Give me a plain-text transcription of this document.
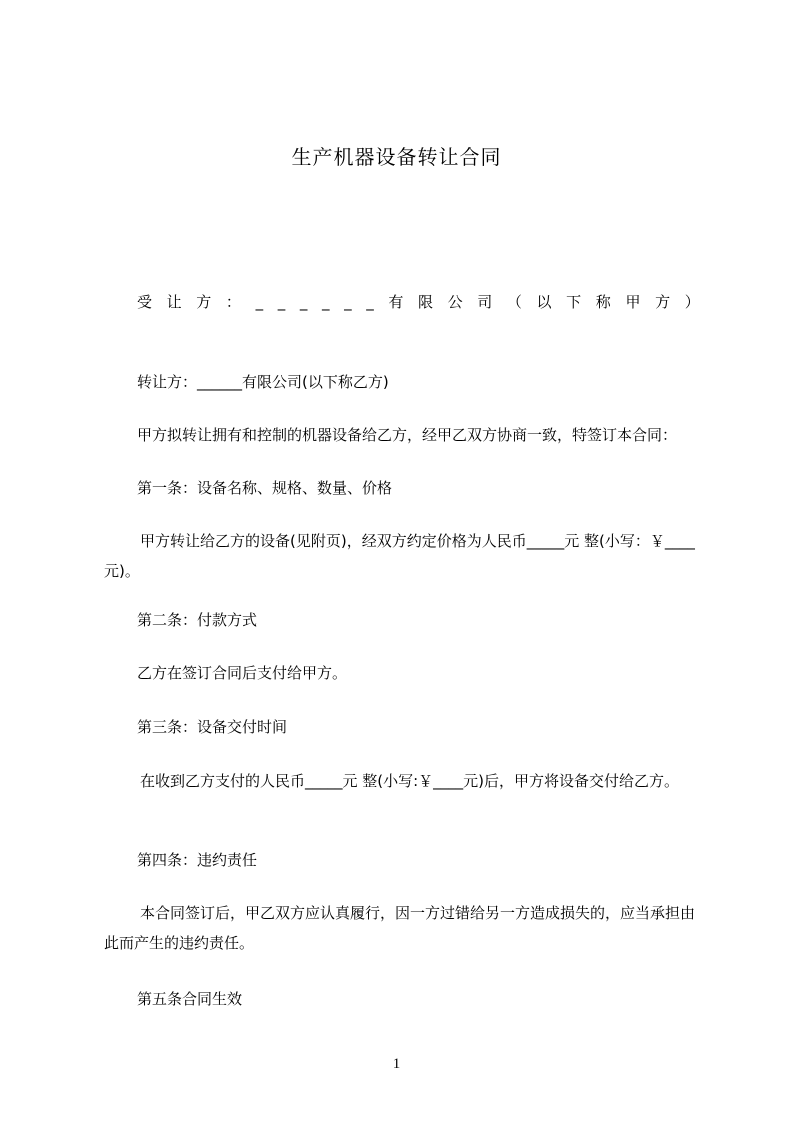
生产机器设备转让合同
受 让 方 ： _ _ _ _ _ _ 有 限 公 司 （ 以 下 称 甲 方 ）
转让方：______有限公司(以下称乙方)
甲方拟转让拥有和控制的机器设备给乙方，经甲乙双方协商一致，特签订本合同：
第一条：设备名称、规格、数量、价格
甲方转让给乙方的设备(见附页)，经双方约定价格为人民币_____元 整(小写：￥____元)。
第二条：付款方式
乙方在签订合同后支付给甲方。
第三条：设备交付时间
在收到乙方支付的人民币_____元 整(小写:￥____元)后，甲方将设备交付给乙方。
第四条：违约责任
本合同签订后，甲乙双方应认真履行，因一方过错给另一方造成损失的，应当承担由此而产生的违约责任。
第五条合同生效
1
